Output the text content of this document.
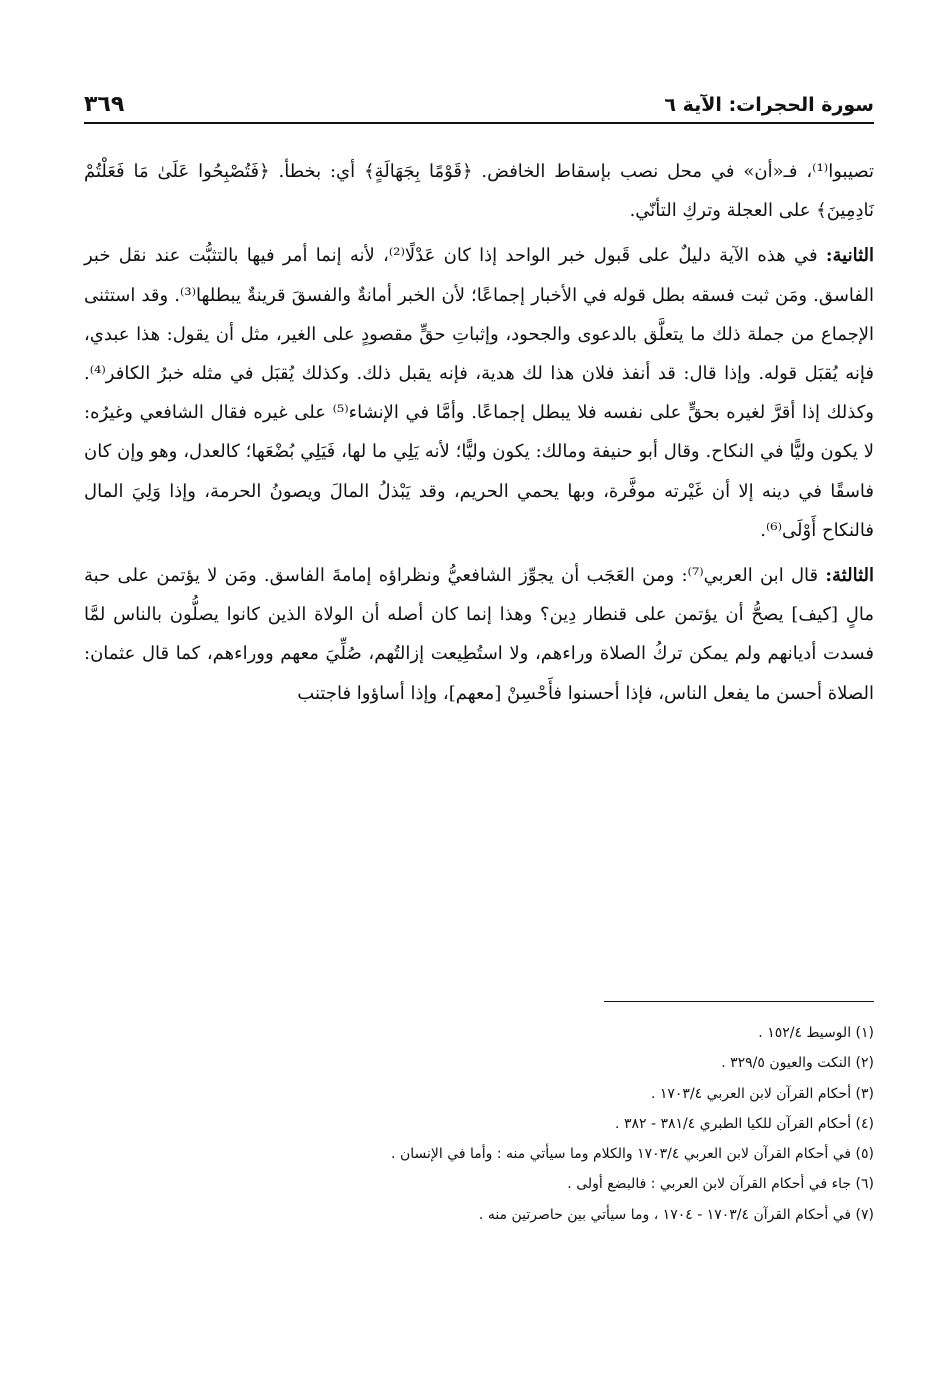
سورة الحجرات: الآية ٦
٣٦٩

تصيبوا⁽¹⁾، فـ«أن» في محل نصب بإسقاط الخافض. ﴿قَوْمًا بِجَهَالَةٍ﴾ أي: بخطأ. ﴿فَتُصْبِحُوا عَلَىٰ مَا فَعَلْتُمْ نَادِمِينَ﴾ على العجلة وتركِ التأنّي.

الثانية: في هذه الآية دليلٌ على قَبول خبر الواحد إذا كان عَدْلًا⁽²⁾، لأنه إنما أمر فيها بالتثبُّت عند نقل خبر الفاسق. ومَن ثبت فسقه بطل قوله في الأخبار إجماعًا؛ لأن الخبر أمانةٌ والفسقَ قرينةٌ يبطلها⁽³⁾. وقد استثنى الإجماع من جملة ذلك ما يتعلَّق بالدعوى والجحود، وإثباتِ حقٍّ مقصودٍ على الغير، مثل أن يقول: هذا عبدي، فإنه يُقبَل قوله. وإذا قال: قد أنفذ فلان هذا لك هدية، فإنه يقبل ذلك. وكذلك يُقبَل في مثله خبرُ الكافر⁽⁴⁾. وكذلك إذا أقرَّ لغيره بحقٍّ على نفسه فلا يبطل إجماعًا. وأمَّا في الإنشاء⁽⁵⁾ على غيره فقال الشافعي وغيرُه: لا يكون وليًّا في النكاح. وقال أبو حنيفة ومالك: يكون وليًّا؛ لأنه يَلِي ما لها، فَيَلِي بُضْعَها؛ كالعدل، وهو وإن كان فاسقًا في دينه إلا أن غَيْرته موفَّرة، وبها يحمي الحريم، وقد يَبْذلُ المالَ ويصونُ الحرمة، وإذا وَلِيَ المال فالنكاح أَوْلَى⁽⁶⁾.

الثالثة: قال ابن العربي⁽⁷⁾: ومن العَجَب أن يجوِّز الشافعيُّ ونظراؤه إمامةَ الفاسق. ومَن لا يؤتمن على حبة مالٍ [كيف] يصحُّ أن يؤتمن على قنطار دِين؟ وهذا إنما كان أصله أن الولاة الذين كانوا يصلُّون بالناس لمَّا فسدت أديانهم ولم يمكن تركُ الصلاة وراءهم، ولا استُطِيعت إزالتُهم، صُلِّيَ معهم ووراءهم، كما قال عثمان: الصلاة أحسن ما يفعل الناس، فإذا أحسنوا فأَحْسِنْ [معهم]، وإذا أساؤوا فاجتنب

(١) الوسيط ١٥٢/٤ .
(٢) النكت والعيون ٣٢٩/٥ .
(٣) أحكام القرآن لابن العربي ١٧٠٣/٤ .
(٤) أحكام القرآن للكيا الطبري ٣٨١/٤ - ٣٨٢ .
(٥) في أحكام القرآن لابن العربي ١٧٠٣/٤ والكلام وما سيأتي منه : وأما في الإنسان .
(٦) جاء في أحكام القرآن لابن العربي : فالبضع أولى .
(٧) في أحكام القرآن ١٧٠٣/٤ - ١٧٠٤ ، وما سيأتي بين حاصرتين منه .
